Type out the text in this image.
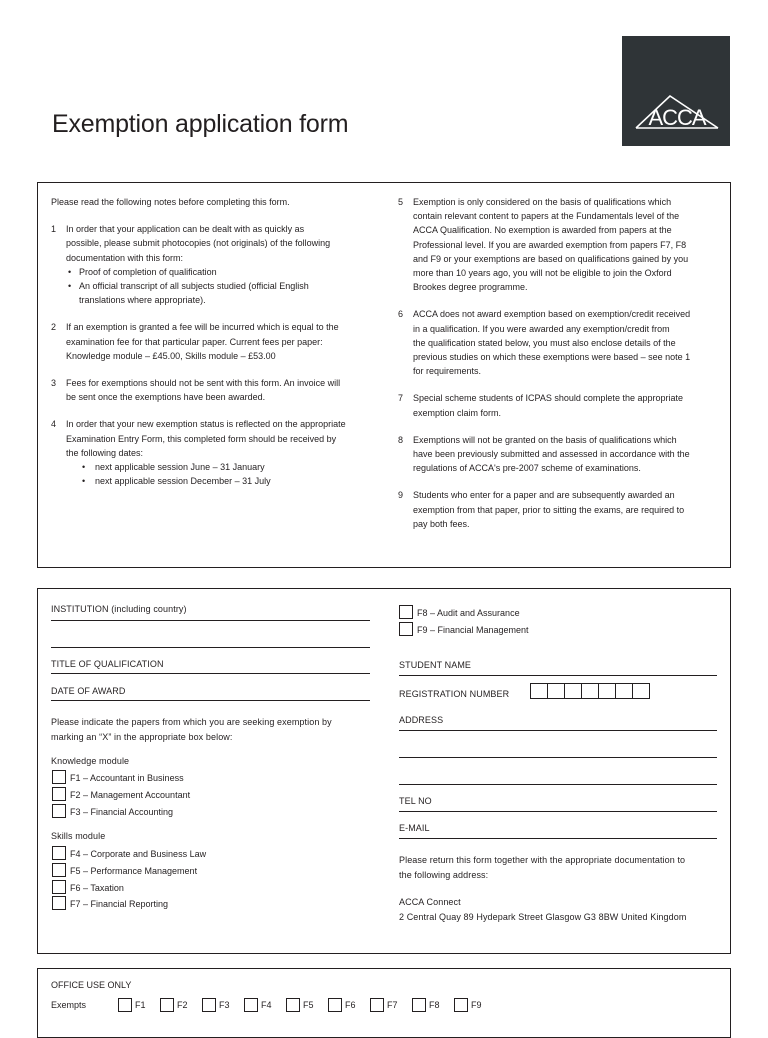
Exemption application form	ACCA
Please read the following notes before completing this form.
1 In order that your application can be dealt with as quickly as
possible, please submit photocopies (not originals) of the following
documentation with this form:
• Proof of completion of qualification
• An official transcript of all subjects studied (official English
translations where appropriate).
2 If an exemption is granted a fee will be incurred which is equal to the
examination fee for that particular paper. Current fees per paper:
Knowledge module – £45.00, Skills module – £53.00
3 Fees for exemptions should not be sent with this form. An invoice will
be sent once the exemptions have been awarded.
4 In order that your new exemption status is reflected on the appropriate
Examination Entry Form, this completed form should be received by
the following dates:
• next applicable session June – 31 January
• next applicable session December – 31 July
5 Exemption is only considered on the basis of qualifications which
contain relevant content to papers at the Fundamentals level of the
ACCA Qualification. No exemption is awarded from papers at the
Professional level. If you are awarded exemption from papers F7, F8
and F9 or your exemptions are based on qualifications gained by you
more than 10 years ago, you will not be eligible to join the Oxford
Brookes degree programme.
6 ACCA does not award exemption based on exemption/credit received
in a qualification. If you were awarded any exemption/credit from
the qualification stated below, you must also enclose details of the
previous studies on which these exemptions were based – see note 1
for requirements.
7 Special scheme students of ICPAS should complete the appropriate
exemption claim form.
8 Exemptions will not be granted on the basis of qualifications which
have been previously submitted and assessed in accordance with the
regulations of ACCA's pre-2007 scheme of examinations.
9 Students who enter for a paper and are subsequently awarded an
exemption from that paper, prior to sitting the exams, are required to
pay both fees.
INSTITUTION (including country)
TITLE OF QUALIFICATION
DATE OF AWARD
Please indicate the papers from which you are seeking exemption by
marking an “X” in the appropriate box below:
Knowledge module
F1 – Accountant in Business
F2 – Management Accountant
F3 – Financial Accounting
Skills module
F4 – Corporate and Business Law
F5 – Performance Management
F6 – Taxation
F7 – Financial Reporting
F8 – Audit and Assurance
F9 – Financial Management
STUDENT NAME
REGISTRATION NUMBER
ADDRESS
TEL NO
E-MAIL
Please return this form together with the appropriate documentation to
the following address:
ACCA Connect
2 Central Quay 89 Hydepark Street Glasgow G3 8BW United Kingdom
OFFICE USE ONLY
Exempts	F1	F2	F3	F4	F5	F6	F7	F8	F9
